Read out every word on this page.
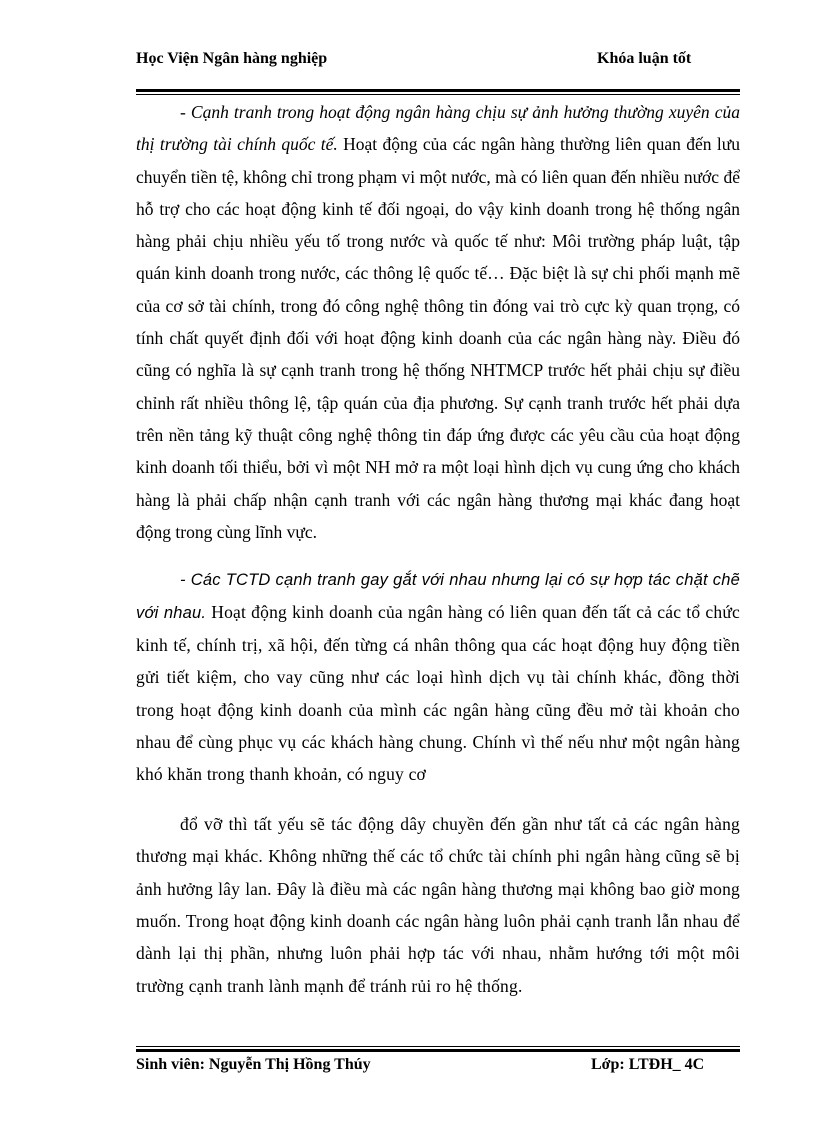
Học Viện Ngân hàng nghiệp	Khóa luận tốt

- Cạnh tranh trong hoạt động ngân hàng chịu sự ảnh hưởng thường xuyên của thị trường tài chính quốc tế. Hoạt động của các ngân hàng thường liên quan đến lưu chuyển tiền tệ, không chỉ trong phạm vi một nước, mà có liên quan đến nhiều nước để hỗ trợ cho các hoạt động kinh tế đối ngoại, do vậy kinh doanh trong hệ thống ngân hàng phải chịu nhiều yếu tố trong nước và quốc tế như: Môi trường pháp luật, tập quán kinh doanh trong nước, các thông lệ quốc tế… Đặc biệt là sự chi phối mạnh mẽ của cơ sở tài chính, trong đó công nghệ thông tin đóng vai trò cực kỳ quan trọng, có tính chất quyết định đối với hoạt động kinh doanh của các ngân hàng này. Điều đó cũng có nghĩa là sự cạnh tranh trong hệ thống NHTMCP trước hết phải chịu sự điều chỉnh rất nhiều thông lệ, tập quán của địa phương. Sự cạnh tranh trước hết phải dựa trên nền tảng kỹ thuật công nghệ thông tin đáp ứng được các yêu cầu của hoạt động kinh doanh tối thiểu, bởi vì một NH mở ra một loại hình dịch vụ cung ứng cho khách hàng là phải chấp nhận cạnh tranh với các ngân hàng thương mại khác đang hoạt động trong cùng lĩnh vực.

- Các TCTD cạnh tranh gay gắt với nhau nhưng lại có sự hợp tác chặt chẽ với nhau. Hoạt động kinh doanh của ngân hàng có liên quan đến tất cả các tổ chức kinh tế, chính trị, xã hội, đến từng cá nhân thông qua các hoạt động huy động tiền gửi tiết kiệm, cho vay cũng như các loại hình dịch vụ tài chính khác, đồng thời trong hoạt động kinh doanh của mình các ngân hàng cũng đều mở tài khoản cho nhau để cùng phục vụ các khách hàng chung. Chính vì thế nếu như một ngân hàng khó khăn trong thanh khoản, có nguy cơ

đổ vỡ thì tất yếu sẽ tác động dây chuyền đến gần như tất cả các ngân hàng thương mại khác. Không những thế các tổ chức tài chính phi ngân hàng cũng sẽ bị ảnh hưởng lây lan. Đây là điều mà các ngân hàng thương mại không bao giờ mong muốn. Trong hoạt động kinh doanh các ngân hàng luôn phải cạnh tranh lẫn nhau để dành lại thị phần, nhưng luôn phải hợp tác với nhau, nhằm hướng tới một môi trường cạnh tranh lành mạnh để tránh rủi ro hệ thống.

Sinh viên: Nguyễn Thị Hồng Thúy	Lớp: LTĐH_ 4C
